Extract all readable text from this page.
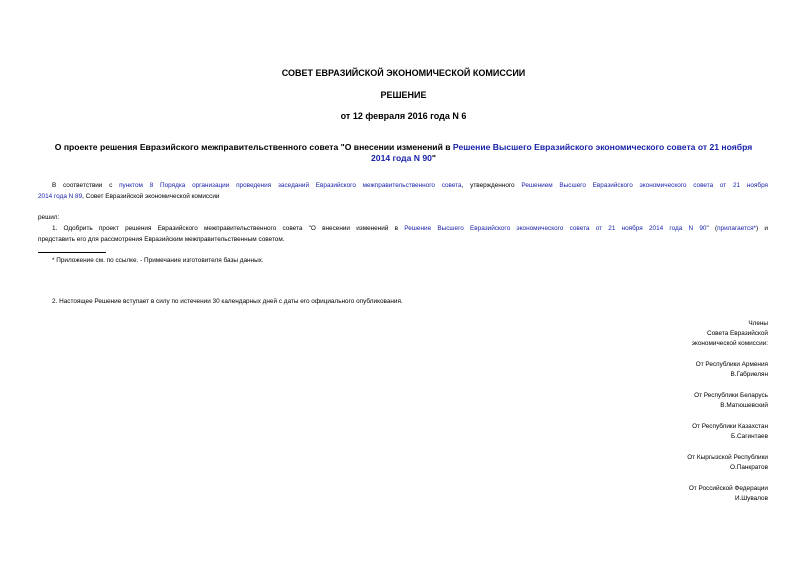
СОВЕТ ЕВРАЗИЙСКОЙ ЭКОНОМИЧЕСКОЙ КОМИССИИ
РЕШЕНИЕ
от 12 февраля 2016 года N 6
О проекте решения Евразийского межправительственного совета "О внесении изменений в Решение Высшего Евразийского экономического совета от 21 ноября
2014 года N 90"
В соответствии с пунктом 8 Порядка организации проведения заседаний Евразийского межправительственного совета, утвержденного Решением Высшего Евразийского экономического совета от 21 ноября
2014 года N 89, Совет Евразийской экономической комиссии
решил:
1. Одобрить проект решения Евразийского межправительственного совета "О внесении изменений в Решение Высшего Евразийского экономического совета от 21 ноября 2014 года N 90" (прилагается*) и
представить его для рассмотрения Евразийским межправительственным советом.
* Приложение см. по ссылке. - Примечание изготовителя базы данных.
2. Настоящее Решение вступает в силу по истечении 30 календарных дней с даты его официального опубликования.
Члены
Совета Евразийской
экономической комиссии:
От Республики Армения
В.Габриелян
От Республики Беларусь
В.Матюшевский
От Республики Казахстан
Б.Сагинтаев
От Кыргызской Республики
О.Панкратов
От Российской Федерации
И.Шувалов
